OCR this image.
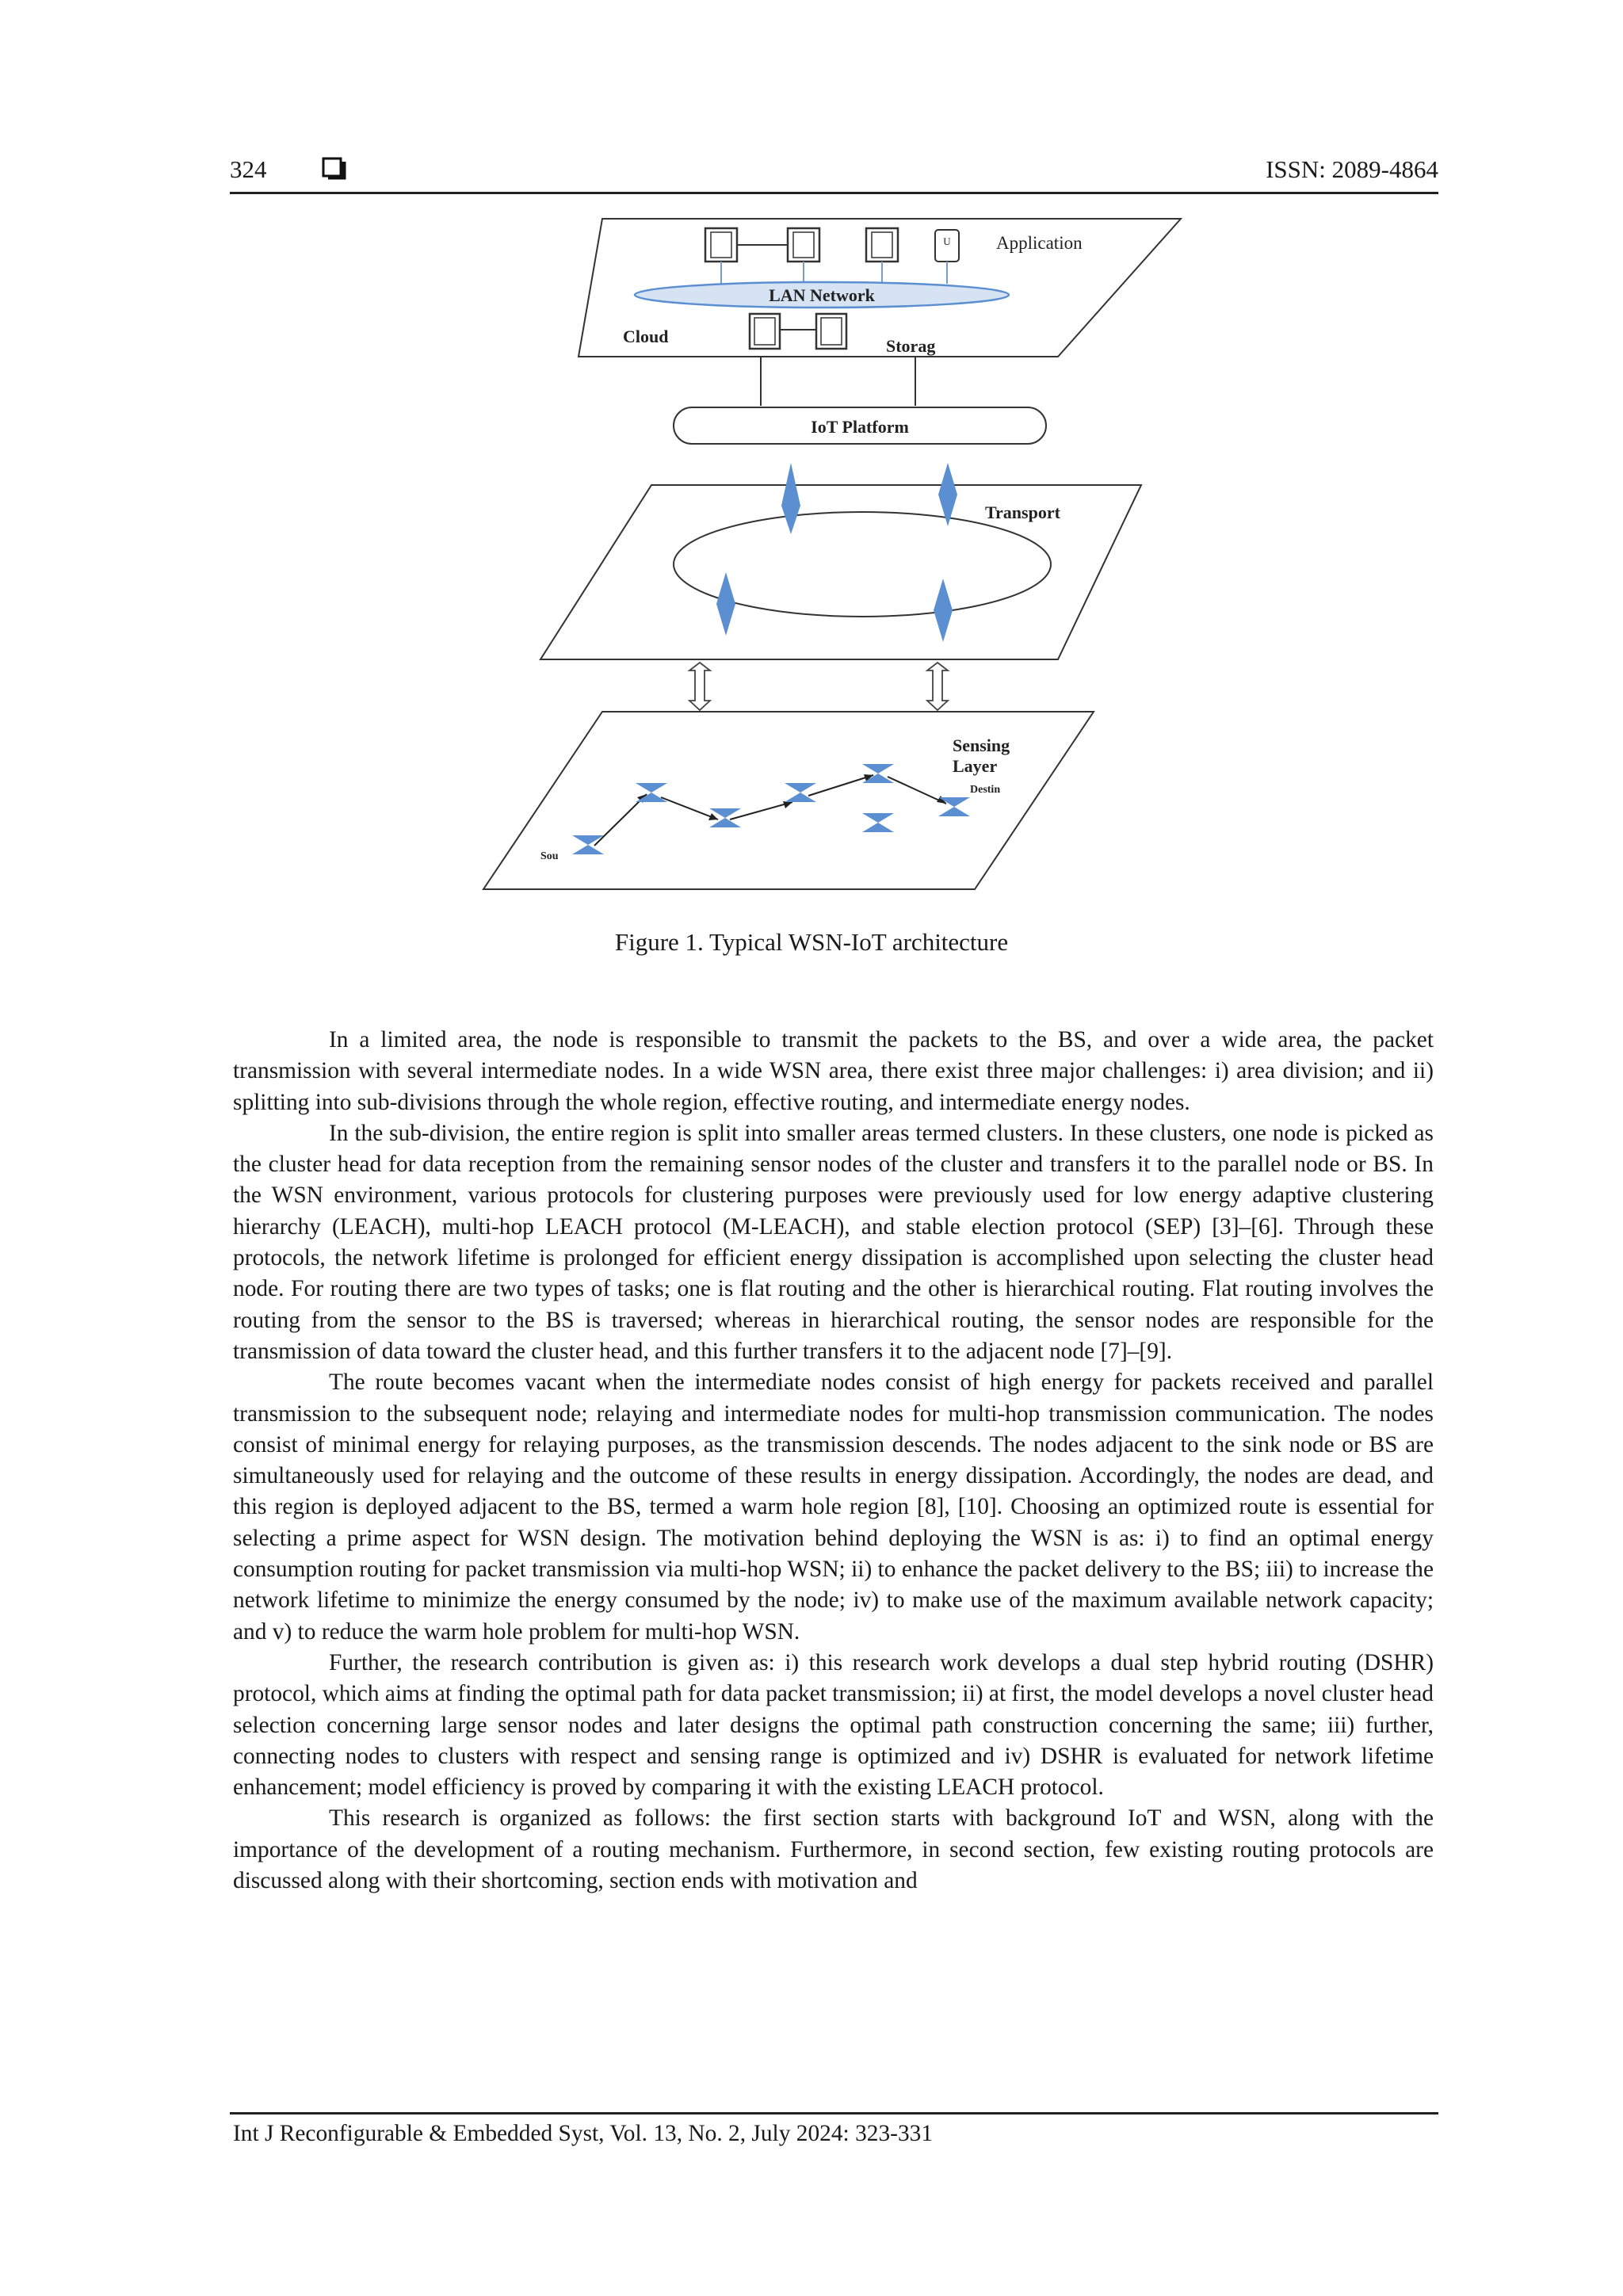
324	ISSN: 2089-4864
U Application
LAN Network
Cloud	Storag
IoT Platform
Transport
Sensing
Layer
Destin
Sou
Figure 1. Typical WSN-IoT architecture

In a limited area, the node is responsible to transmit the packets to the BS, and over a wide area, the packet transmission with several intermediate nodes. In a wide WSN area, there exist three major challenges: i) area division; and ii) splitting into sub-divisions through the whole region, effective routing, and intermediate energy nodes.

In the sub-division, the entire region is split into smaller areas termed clusters. In these clusters, one node is picked as the cluster head for data reception from the remaining sensor nodes of the cluster and transfers it to the parallel node or BS. In the WSN environment, various protocols for clustering purposes were previously used for low energy adaptive clustering hierarchy (LEACH), multi-hop LEACH protocol (M-LEACH), and stable election protocol (SEP) [3]–[6]. Through these protocols, the network lifetime is prolonged for efficient energy dissipation is accomplished upon selecting the cluster head node. For routing there are two types of tasks; one is flat routing and the other is hierarchical routing. Flat routing involves the routing from the sensor to the BS is traversed; whereas in hierarchical routing, the sensor nodes are responsible for the transmission of data toward the cluster head, and this further transfers it to the adjacent node [7]–[9].

The route becomes vacant when the intermediate nodes consist of high energy for packets received and parallel transmission to the subsequent node; relaying and intermediate nodes for multi-hop transmission communication. The nodes consist of minimal energy for relaying purposes, as the transmission descends. The nodes adjacent to the sink node or BS are simultaneously used for relaying and the outcome of these results in energy dissipation. Accordingly, the nodes are dead, and this region is deployed adjacent to the BS, termed a warm hole region [8], [10]. Choosing an optimized route is essential for selecting a prime aspect for WSN design. The motivation behind deploying the WSN is as: i) to find an optimal energy consumption routing for packet transmission via multi-hop WSN; ii) to enhance the packet delivery to the BS; iii) to increase the network lifetime to minimize the energy consumed by the node; iv) to make use of the maximum available network capacity; and v) to reduce the warm hole problem for multi-hop WSN.

Further, the research contribution is given as: i) this research work develops a dual step hybrid routing (DSHR) protocol, which aims at finding the optimal path for data packet transmission; ii) at first, the model develops a novel cluster head selection concerning large sensor nodes and later designs the optimal path construction concerning the same; iii) further, connecting nodes to clusters with respect and sensing range is optimized and iv) DSHR is evaluated for network lifetime enhancement; model efficiency is proved by comparing it with the existing LEACH protocol.

This research is organized as follows: the first section starts with background IoT and WSN, along with the importance of the development of a routing mechanism. Furthermore, in second section, few existing routing protocols are discussed along with their shortcoming, section ends with motivation and

Int J Reconfigurable & Embedded Syst, Vol. 13, No. 2, July 2024: 323-331
